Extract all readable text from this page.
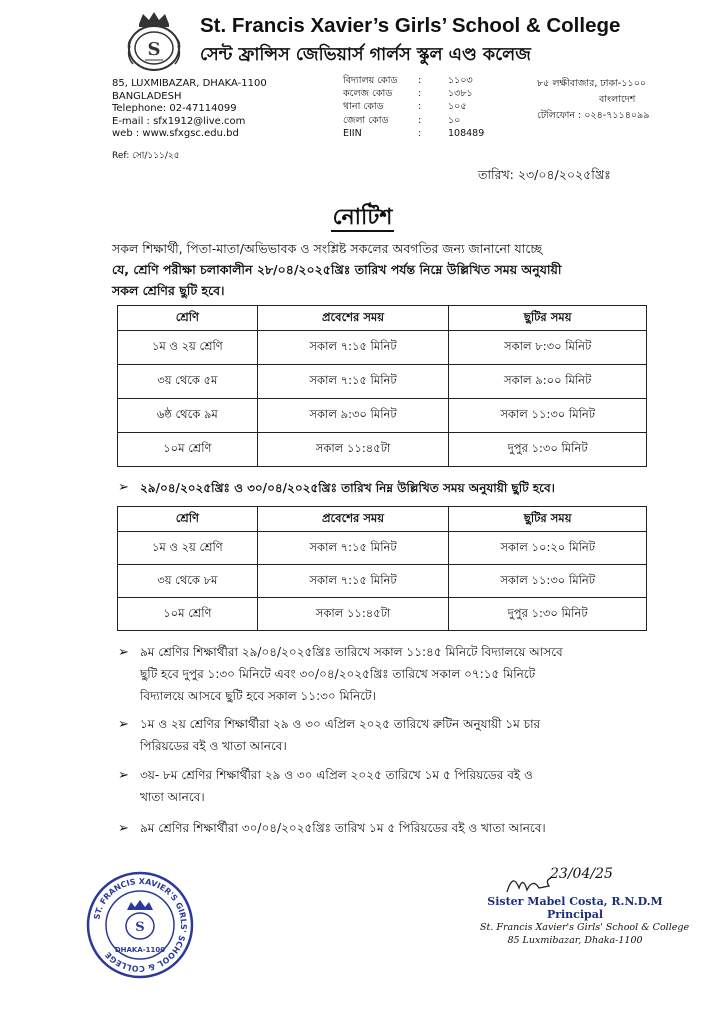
S
St. Francis Xavier’s Girls’ School & College
সেন্ট ফ্রান্সিস জেভিয়ার্স গার্লস স্কুল এণ্ড কলেজ
85, LUXMIBAZAR, DHAKA-1100
BANGLADESH
Telephone: 02-47114099
E-mail : sfx1912@live.com
web : www.sfxgsc.edu.bd
বিদ্যালয় কোড	:	১১০৩
কলেজ কোড	:	১৩৮১
থানা কোড	:	১০৫
জেলা কোড	:	১০
EIIN	:	108489
৮৫ লক্ষীবাজার, ঢাকা-১১০০
বাংলাদেশ
টেলিফোন : ০২৪-৭১১৪০৯৯
Ref: সো/১১১/২৫
তারিখ: ২৩/০৪/২০২৫খ্রিঃ
নোটিশ
সকল শিক্ষার্থী, পিতা-মাতা/অভিভাবক ও সংশ্লিষ্ট সকলের অবগতির জন্য জানানো যাচ্ছে
যে, শ্রেণি পরীক্ষা চলাকালীন ২৮/০৪/২০২৫খ্রিঃ তারিখ পর্যন্ত নিম্নে উল্লিখিত সময় অনুযায়ী
সকল শ্রেণির ছুটি হবে।
শ্রেণি	প্রবেশের সময়	ছুটির সময়
১ম ও ২য় শ্রেণি	সকাল ৭:১৫ মিনিট	সকাল ৮:৩০ মিনিট
৩য় থেকে ৫ম	সকাল ৭:১৫ মিনিট	সকাল ৯:০০ মিনিট
৬ষ্ঠ থেকে ৯ম	সকাল ৯:৩০ মিনিট	সকাল ১১:৩০ মিনিট
১০ম শ্রেণি	সকাল ১১:৪৫টা	দুপুর ১:৩০ মিনিট
➢ ২৯/০৪/২০২৫খ্রিঃ ও ৩০/০৪/২০২৫খ্রিঃ তারিখ নিম্ন উল্লিখিত সময় অনুযায়ী ছুটি হবে।
শ্রেণি	প্রবেশের সময়	ছুটির সময়
১ম ও ২য় শ্রেণি	সকাল ৭:১৫ মিনিট	সকাল ১০:২০ মিনিট
৩য় থেকে ৮ম	সকাল ৭:১৫ মিনিট	সকাল ১১:৩০ মিনিট
১০ম শ্রেণি	সকাল ১১:৪৫টা	দুপুর ১:৩০ মিনিট
➢ ৯ম শ্রেণির শিক্ষার্থীরা ২৯/০৪/২০২৫খ্রিঃ তারিখে সকাল ১১:৪৫ মিনিটে বিদ্যালয়ে আসবে
ছুটি হবে দুপুর ১:৩০ মিনিটে এবং ৩০/০৪/২০২৫খ্রিঃ তারিখে সকাল ০৭:১৫ মিনিটে
বিদ্যালয়ে আসবে ছুটি হবে সকাল ১১:৩০ মিনিটে।
➢ ১ম ও ২য় শ্রেণির শিক্ষার্থীরা ২৯ ও ৩০ এপ্রিল ২০২৫ তারিখে রুটিন অনুযায়ী ১ম চার
পিরিয়ডের বই ও খাতা আনবে।
➢ ৩য়- ৮ম শ্রেণির শিক্ষার্থীরা ২৯ ও ৩০ এপ্রিল ২০২৫ তারিখে ১ম ৫ পিরিয়ডের বই ও
খাতা আনবে।
➢ ৯ম শ্রেণির শিক্ষার্থীরা ৩০/০৪/২০২৫খ্রিঃ তারিখ ১ম ৫ পিরিয়ডের বই ও খাতা আনবে।
ST. FRANCIS XAVIER'S GIRLS' SCHOOL & COLLEGE
S
DHAKA-1100
23/04/25
Sister Mabel Costa, R.N.D.M
Principal
St. Francis Xavier's Girls' School & College
85 Luxmibazar, Dhaka-1100
